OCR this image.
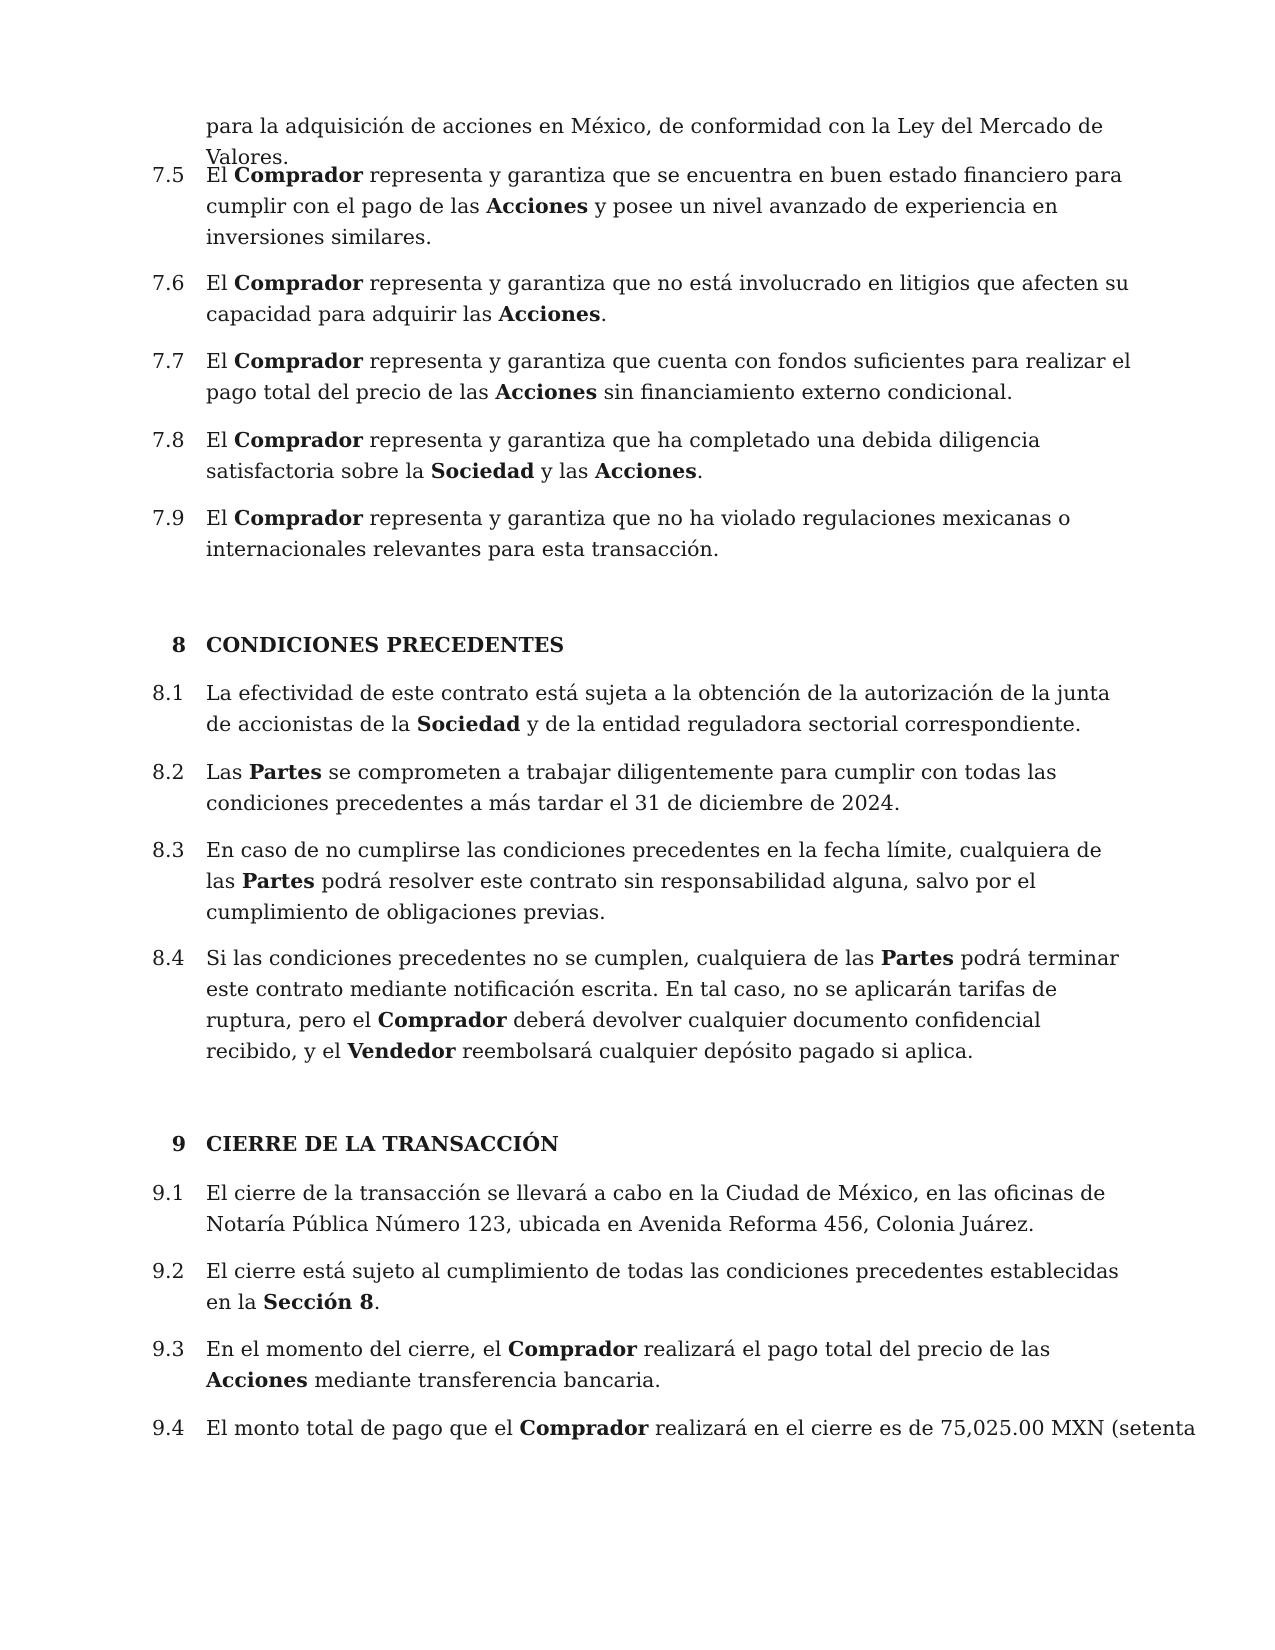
para la adquisición de acciones en México, de conformidad con la Ley del Mercado de Valores.
7.5 El Comprador representa y garantiza que se encuentra en buen estado financiero para cumplir con el pago de las Acciones y posee un nivel avanzado de experiencia en inversiones similares.
7.6 El Comprador representa y garantiza que no está involucrado en litigios que afecten su capacidad para adquirir las Acciones.
7.7 El Comprador representa y garantiza que cuenta con fondos suficientes para realizar el pago total del precio de las Acciones sin financiamiento externo condicional.
7.8 El Comprador representa y garantiza que ha completado una debida diligencia satisfactoria sobre la Sociedad y las Acciones.
7.9 El Comprador representa y garantiza que no ha violado regulaciones mexicanas o internacionales relevantes para esta transacción.
8 CONDICIONES PRECEDENTES
8.1 La efectividad de este contrato está sujeta a la obtención de la autorización de la junta de accionistas de la Sociedad y de la entidad reguladora sectorial correspondiente.
8.2 Las Partes se comprometen a trabajar diligentemente para cumplir con todas las condiciones precedentes a más tardar el 31 de diciembre de 2024.
8.3 En caso de no cumplirse las condiciones precedentes en la fecha límite, cualquiera de las Partes podrá resolver este contrato sin responsabilidad alguna, salvo por el cumplimiento de obligaciones previas.
8.4 Si las condiciones precedentes no se cumplen, cualquiera de las Partes podrá terminar este contrato mediante notificación escrita. En tal caso, no se aplicarán tarifas de ruptura, pero el Comprador deberá devolver cualquier documento confidencial recibido, y el Vendedor reembolsará cualquier depósito pagado si aplica.
9 CIERRE DE LA TRANSACCIÓN
9.1 El cierre de la transacción se llevará a cabo en la Ciudad de México, en las oficinas de Notaría Pública Número 123, ubicada en Avenida Reforma 456, Colonia Juárez.
9.2 El cierre está sujeto al cumplimiento de todas las condiciones precedentes establecidas en la Sección 8.
9.3 En el momento del cierre, el Comprador realizará el pago total del precio de las Acciones mediante transferencia bancaria.
9.4 El monto total de pago que el Comprador realizará en el cierre es de 75,025.00 MXN (setenta
